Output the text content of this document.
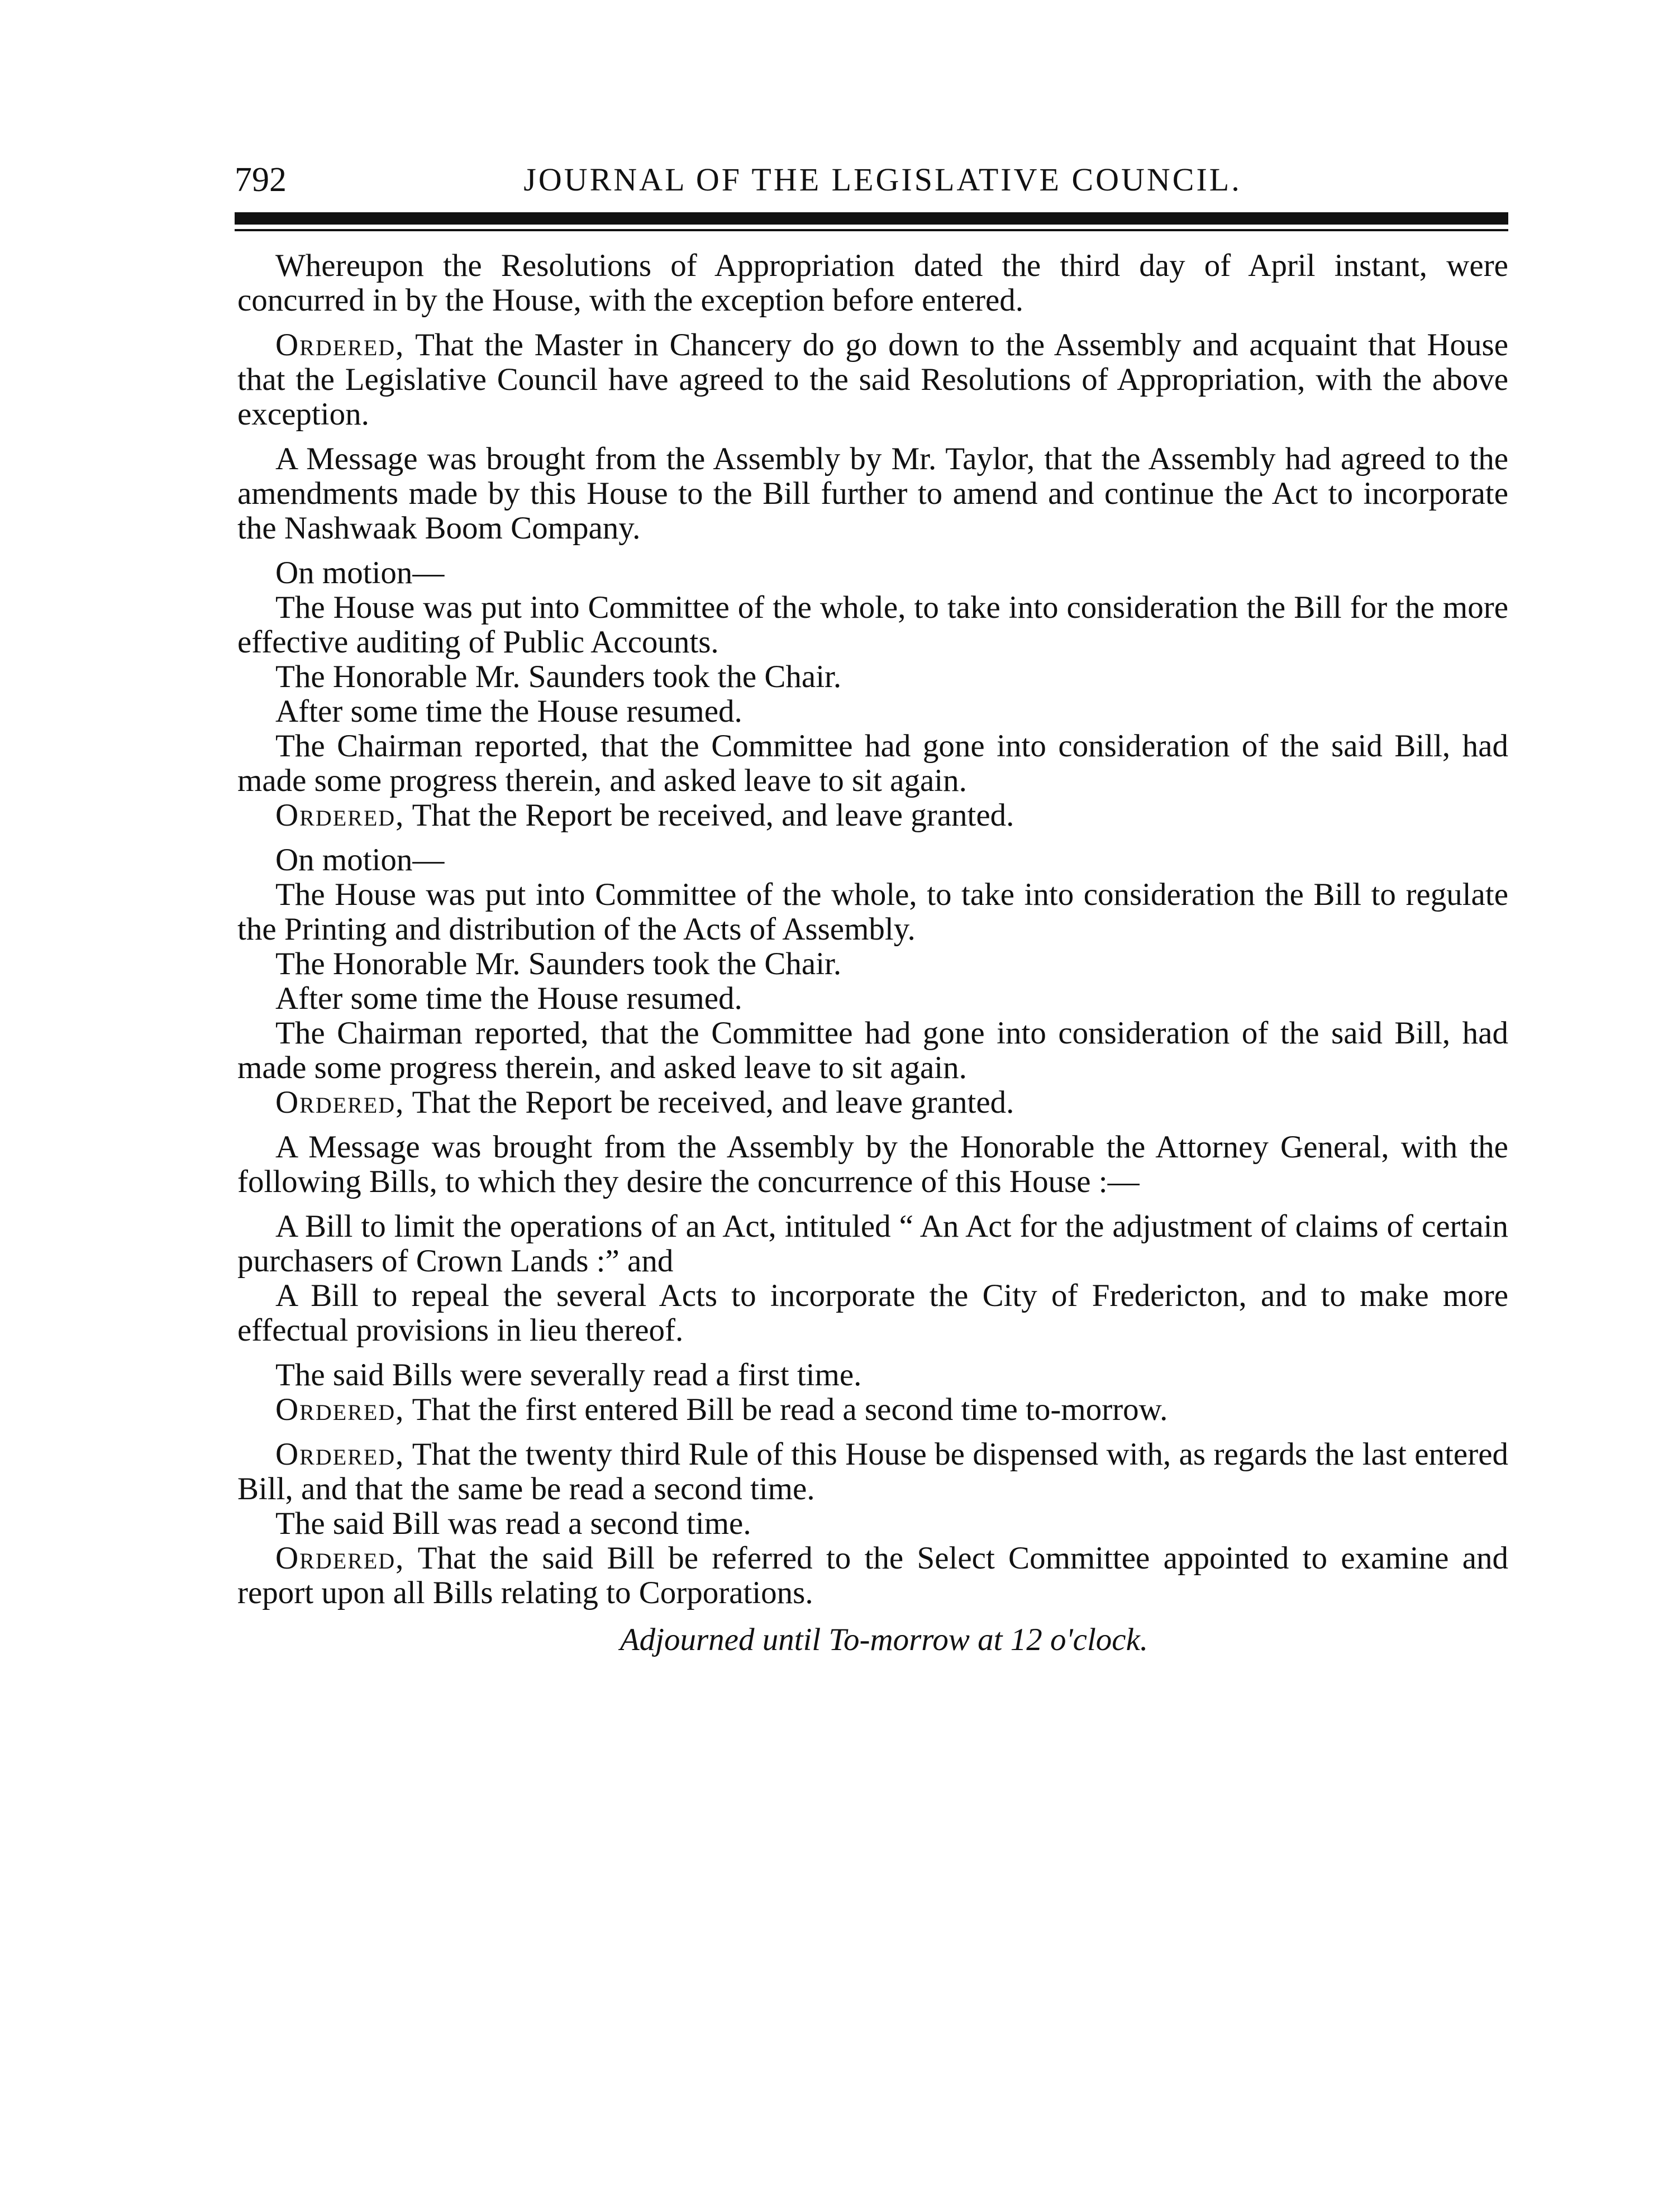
792	JOURNAL OF THE LEGISLATIVE COUNCIL.

Whereupon the Resolutions of Appropriation dated the third day of April instant, were concurred in by the House, with the exception before entered.

Ordered, That the Master in Chancery do go down to the Assembly and acquaint that House that the Legislative Council have agreed to the said Resolutions of Appropriation, with the above exception.

A Message was brought from the Assembly by Mr. Taylor, that the Assembly had agreed to the amendments made by this House to the Bill further to amend and continue the Act to incorporate the Nashwaak Boom Company.

On motion—

The House was put into Committee of the whole, to take into consideration the Bill for the more effective auditing of Public Accounts.

The Honorable Mr. Saunders took the Chair.

After some time the House resumed.

The Chairman reported, that the Committee had gone into consideration of the said Bill, had made some progress therein, and asked leave to sit again.

Ordered, That the Report be received, and leave granted.

On motion—

The House was put into Committee of the whole, to take into consideration the Bill to regulate the Printing and distribution of the Acts of Assembly.

The Honorable Mr. Saunders took the Chair.

After some time the House resumed.

The Chairman reported, that the Committee had gone into consideration of the said Bill, had made some progress therein, and asked leave to sit again.

Ordered, That the Report be received, and leave granted.

A Message was brought from the Assembly by the Honorable the Attorney General, with the following Bills, to which they desire the concurrence of this House :—

A Bill to limit the operations of an Act, intituled “ An Act for the adjustment of claims of certain purchasers of Crown Lands :” and

A Bill to repeal the several Acts to incorporate the City of Fredericton, and to make more effectual provisions in lieu thereof.

The said Bills were severally read a first time.

Ordered, That the first entered Bill be read a second time to-morrow.

Ordered, That the twenty third Rule of this House be dispensed with, as regards the last entered Bill, and that the same be read a second time.

The said Bill was read a second time.

Ordered, That the said Bill be referred to the Select Committee appointed to examine and report upon all Bills relating to Corporations.

Adjourned until To-morrow at 12 o'clock.
